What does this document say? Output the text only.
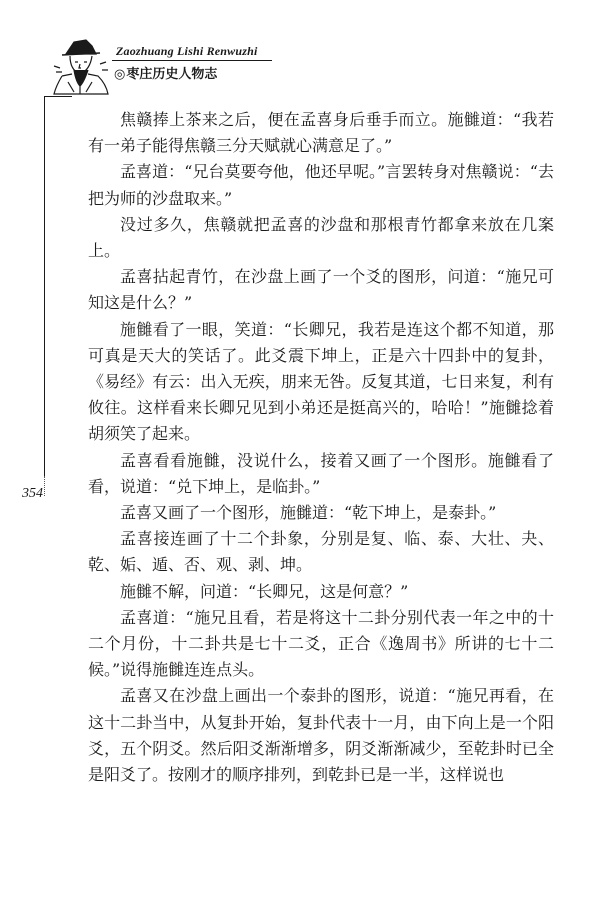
Zaozhuang Lishi Renwuzhi
◎枣庄历史人物志
354

焦赣捧上茶来之后，便在孟喜身后垂手而立。施雠道：“我若有一弟子能得焦赣三分天赋就心满意足了。”

孟喜道：“兄台莫要夸他，他还早呢。”言罢转身对焦赣说：“去把为师的沙盘取来。”

没过多久，焦赣就把孟喜的沙盘和那根青竹都拿来放在几案上。

孟喜拈起青竹，在沙盘上画了一个爻的图形，问道：“施兄可知这是什么？”

施雠看了一眼，笑道：“长卿兄，我若是连这个都不知道，那可真是天大的笑话了。此爻震下坤上，正是六十四卦中的复卦，《易经》有云：出入无疾，朋来无咎。反复其道，七日来复，利有攸往。这样看来长卿兄见到小弟还是挺高兴的，哈哈！”施雠捻着胡须笑了起来。

孟喜看看施雠，没说什么，接着又画了一个图形。施雠看了看，说道：“兑下坤上，是临卦。”

孟喜又画了一个图形，施雠道：“乾下坤上，是泰卦。”

孟喜接连画了十二个卦象，分别是复、临、泰、大壮、夬、乾、姤、遁、否、观、剥、坤。

施雠不解，问道：“长卿兄，这是何意？”

孟喜道：“施兄且看，若是将这十二卦分别代表一年之中的十二个月份，十二卦共是七十二爻，正合《逸周书》所讲的七十二候。”说得施雠连连点头。

孟喜又在沙盘上画出一个泰卦的图形，说道：“施兄再看，在这十二卦当中，从复卦开始，复卦代表十一月，由下向上是一个阳爻，五个阴爻。然后阳爻渐渐增多，阴爻渐渐减少，至乾卦时已全是阳爻了。按刚才的顺序排列，到乾卦已是一半，这样说也
